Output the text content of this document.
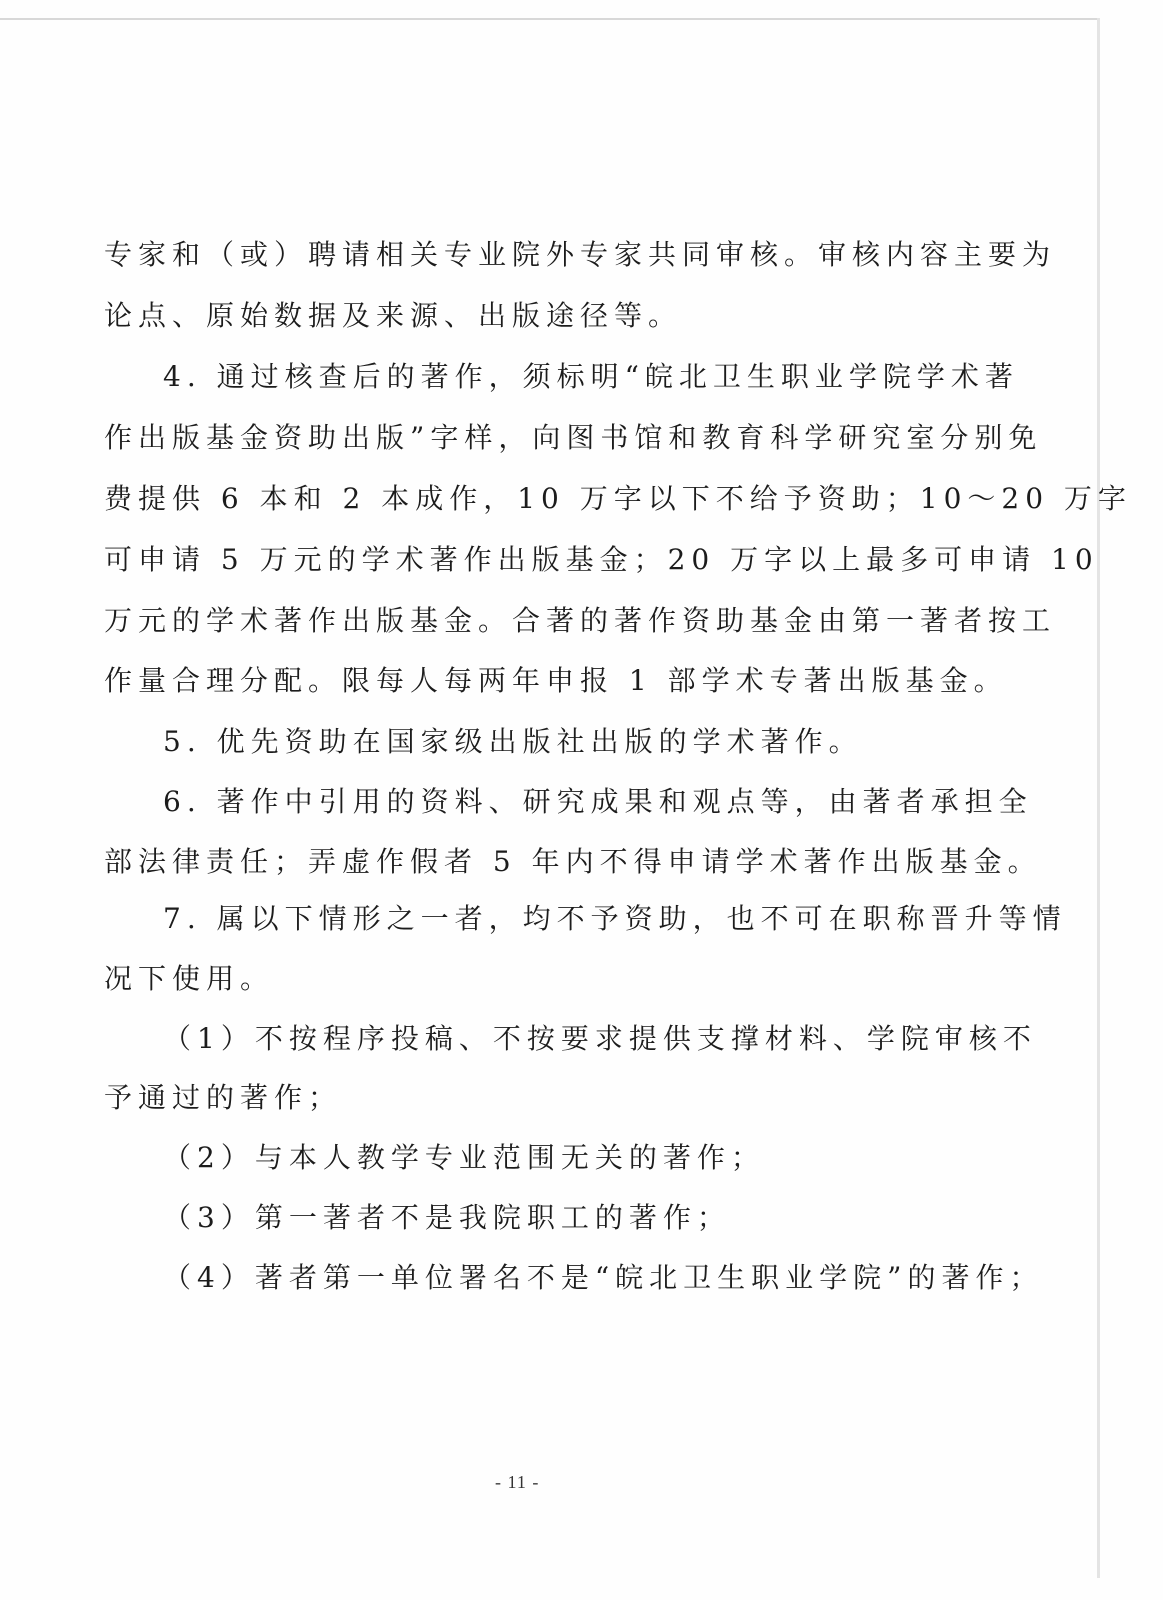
专家和（或）聘请相关专业院外专家共同审核。审核内容主要为
论点、原始数据及来源、出版途径等。
4. 通过核查后的著作，须标明“皖北卫生职业学院学术著
作出版基金资助出版”字样，向图书馆和教育科学研究室分别免
费提供 6 本和 2 本成作，10 万字以下不给予资助；10～20 万字
可申请 5 万元的学术著作出版基金；20 万字以上最多可申请 10
万元的学术著作出版基金。合著的著作资助基金由第一著者按工
作量合理分配。限每人每两年申报 1 部学术专著出版基金。
5. 优先资助在国家级出版社出版的学术著作。
6. 著作中引用的资料、研究成果和观点等，由著者承担全
部法律责任；弄虚作假者 5 年内不得申请学术著作出版基金。
7. 属以下情形之一者，均不予资助，也不可在职称晋升等情
况下使用。
（1）不按程序投稿、不按要求提供支撑材料、学院审核不
予通过的著作；
（2）与本人教学专业范围无关的著作；
（3）第一著者不是我院职工的著作；
（4）著者第一单位署名不是“皖北卫生职业学院”的著作；
- 11 -
